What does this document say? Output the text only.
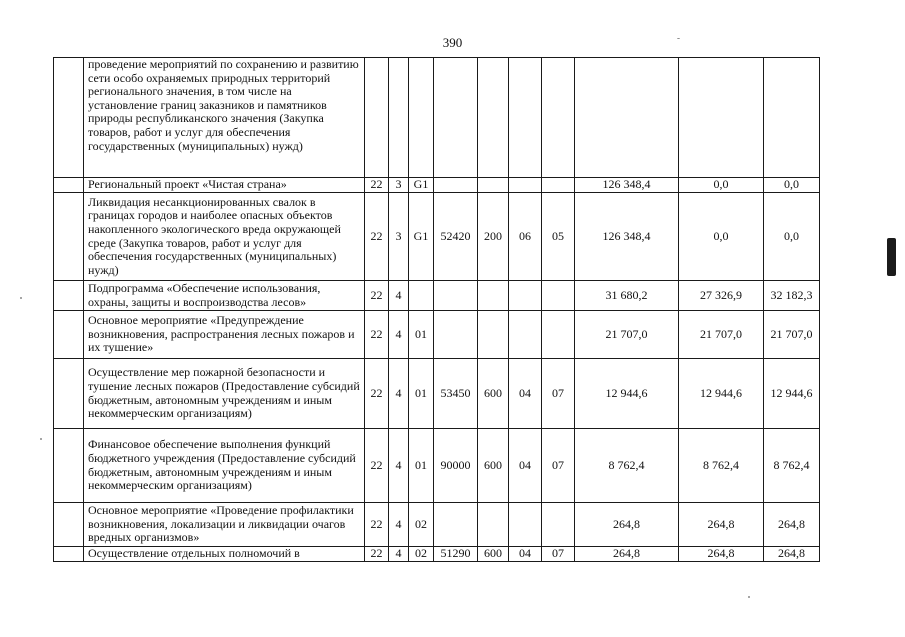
390
	проведение мероприятий по сохранению и развитию сети особо охраняемых природных территорий регионального значения, в том числе на установление границ заказников и памятников природы республиканского значения (Закупка товаров, работ и услуг для обеспечения государственных (муниципальных) нужд)										
	Региональный проект «Чистая страна»	22	3	G1					126 348,4	0,0	0,0
	Ликвидация несанкционированных свалок в границах городов и наиболее опасных объектов накопленного экологического вреда окружающей среде (Закупка товаров, работ и услуг для обеспечения государственных (муниципальных) нужд)	22	3	G1	52420	200	06	05	126 348,4	0,0	0,0
	Подпрограмма «Обеспечение использования, охраны, защиты и воспроизводства лесов»	22	4						31 680,2	27 326,9	32 182,3
	Основное мероприятие «Предупреждение возникновения, распространения лесных пожаров и их тушение»	22	4	01					21 707,0	21 707,0	21 707,0
	Осуществление мер пожарной безопасности и тушение лесных пожаров (Предоставление субсидий бюджетным, автономным учреждениям и иным некоммерческим организациям)	22	4	01	53450	600	04	07	12 944,6	12 944,6	12 944,6
	Финансовое обеспечение выполнения функций бюджетного учреждения (Предоставление субсидий бюджетным, автономным учреждениям и иным некоммерческим организациям)	22	4	01	90000	600	04	07	8 762,4	8 762,4	8 762,4
	Основное мероприятие «Проведение профилактики возникновения, локализации и ликвидации очагов вредных организмов»	22	4	02					264,8	264,8	264,8
	Осуществление отдельных полномочий в	22	4	02	51290	600	04	07	264,8	264,8	264,8
